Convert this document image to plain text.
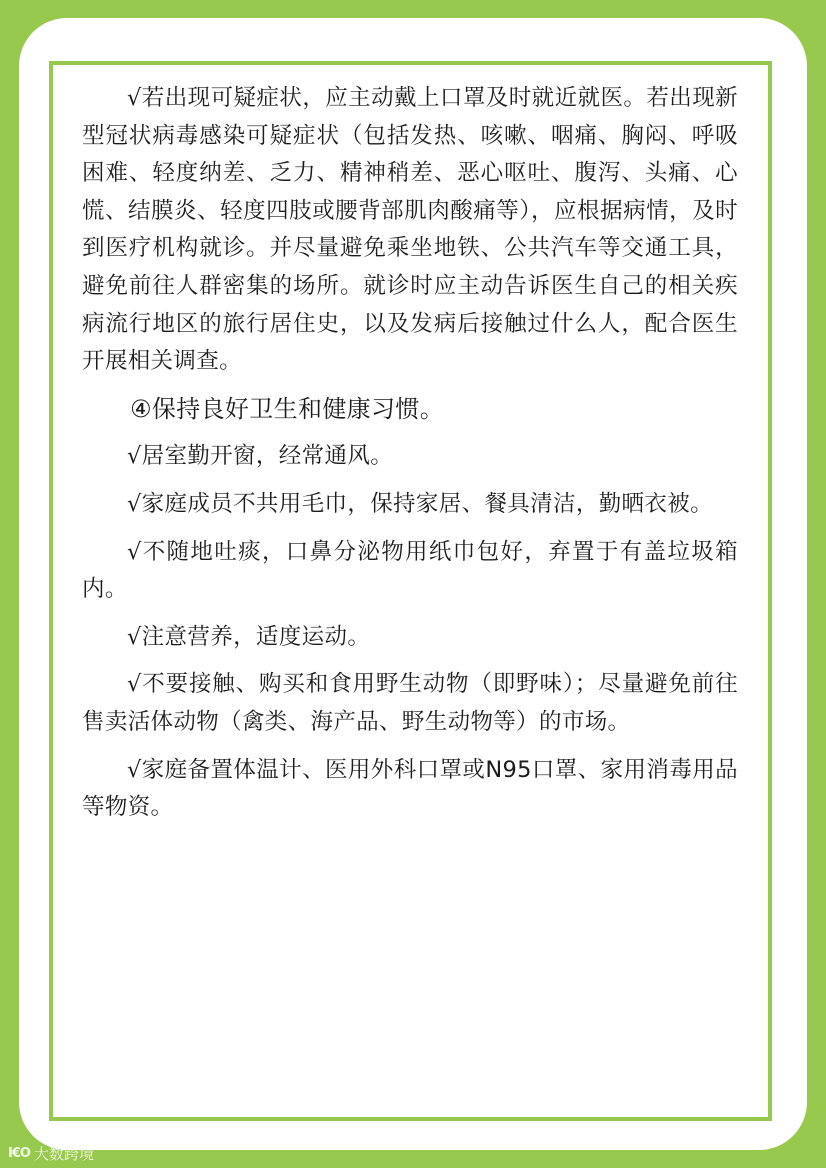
√若出现可疑症状，应主动戴上口罩及时就近就医。若出现新型冠状病毒感染可疑症状（包括发热、咳嗽、咽痛、胸闷、呼吸困难、轻度纳差、乏力、精神稍差、恶心呕吐、腹泻、头痛、心慌、结膜炎、轻度四肢或腰背部肌肉酸痛等），应根据病情，及时到医疗机构就诊。并尽量避免乘坐地铁、公共汽车等交通工具，避免前往人群密集的场所。就诊时应主动告诉医生自己的相关疾病流行地区的旅行居住史，以及发病后接触过什么人，配合医生开展相关调查。

④保持良好卫生和健康习惯。

√居室勤开窗，经常通风。

√家庭成员不共用毛巾，保持家居、餐具清洁，勤晒衣被。

√不随地吐痰，口鼻分泌物用纸巾包好，弃置于有盖垃圾箱内。

√注意营养，适度运动。

√不要接触、购买和食用野生动物（即野味）；尽量避免前往售卖活体动物（禽类、海产品、野生动物等）的市场。

√家庭备置体温计、医用外科口罩或N95口罩、家用消毒用品等物资。

I€O 大数跨境
